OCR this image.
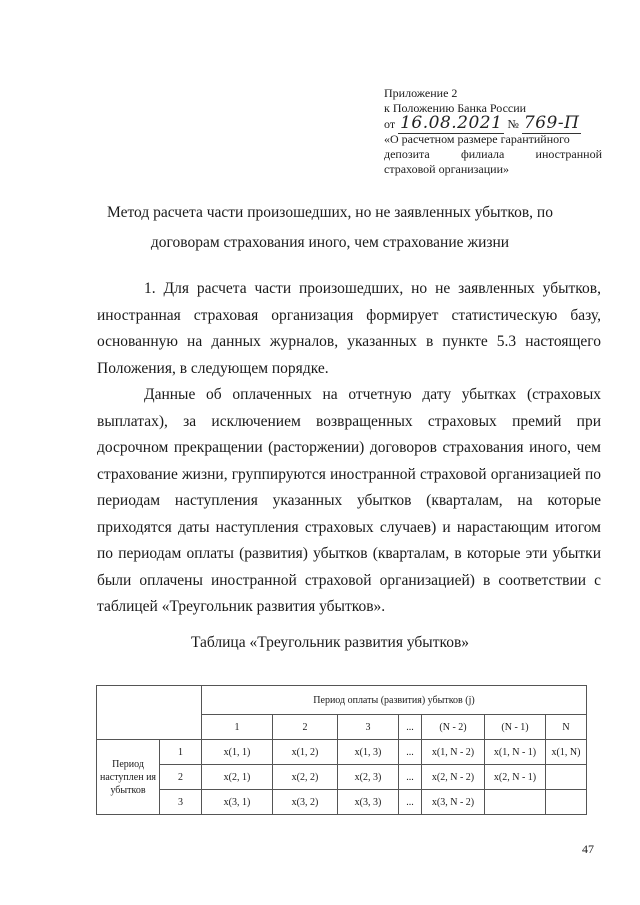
Приложение 2
к Положению Банка России
от 16.08.2021 № 769-П
«О расчетном размере гарантийного
депозита филиала иностранной
страховой организации»
Метод расчета части произошедших, но не заявленных убытков, по
договорам страхования иного, чем страхование жизни

1. Для расчета части произошедших, но не заявленных убытков, иностранная страховая организация формирует статистическую базу, основанную на данных журналов, указанных в пункте 5.3 настоящего Положения, в следующем порядке.

Данные об оплаченных на отчетную дату убытках (страховых выплатах), за исключением возвращенных страховых премий при досрочном прекращении (расторжении) договоров страхования иного, чем страхование жизни, группируются иностранной страховой организацией по периодам наступления указанных убытков (кварталам, на которые приходятся даты наступления страховых случаев) и нарастающим итогом по периодам оплаты (развития) убытков (кварталам, в которые эти убытки были оплачены иностранной страховой организацией) в соответствии с таблицей «Треугольник развития убытков».

Таблица «Треугольник развития убытков»
		Период оплаты (развития) убытков (j)						
		1	2	3	...	(N - 2)	(N - 1)	N
Период наступлен ия убытков	1	x(1, 1)	x(1, 2)	x(1, 3)	...	x(1, N - 2)	x(1, N - 1)	x(1, N)
	2	x(2, 1)	x(2, 2)	x(2, 3)	...	x(2, N - 2)	x(2, N - 1)	
	3	x(3, 1)	x(3, 2)	x(3, 3)	...	x(3, N - 2)		
47
